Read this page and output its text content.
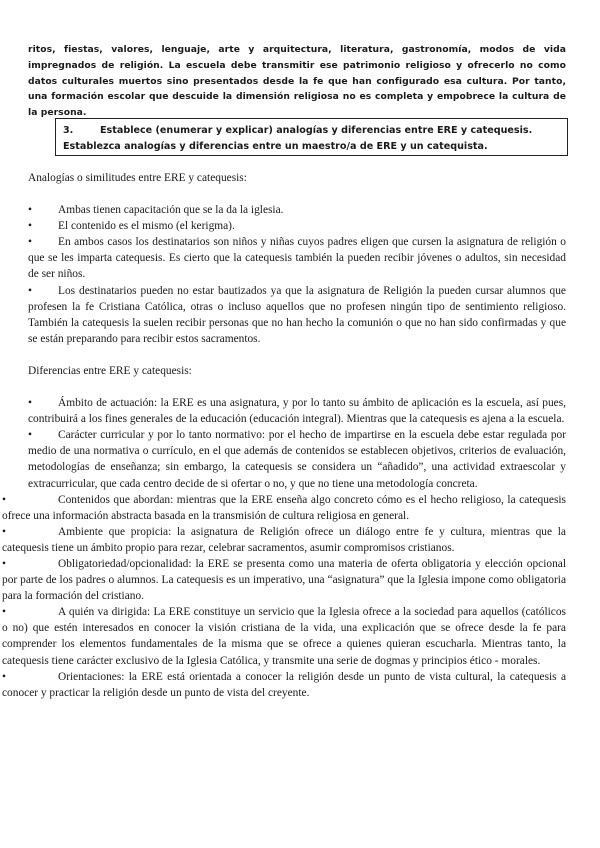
ritos, fiestas, valores, lenguaje, arte y arquitectura, literatura, gastronomía, modos de vida impregnados de religión. La escuela debe transmitir ese patrimonio religioso y ofrecerlo no como datos culturales muertos sino presentados desde la fe que han configurado esa cultura. Por tanto, una formación escolar que descuide la dimensión religiosa no es completa y empobrece la cultura de la persona.

3.	Establece (enumerar y explicar) analogías y diferencias entre ERE y catequesis.
Establezca analogías y diferencias entre un maestro/a de ERE y un catequista.

Analogías o similitudes entre ERE y catequesis:

• Ambas tienen capacitación que se la da la iglesia.

• El contenido es el mismo (el kerigma).

• En ambos casos los destinatarios son niños y niñas cuyos padres eligen que cursen la asignatura de religión o que se les imparta catequesis. Es cierto que la catequesis también la pueden recibir jóvenes o adultos, sin necesidad de ser niños.

• Los destinatarios pueden no estar bautizados ya que la asignatura de Religión la pueden cursar alumnos que profesen la fe Cristiana Católica, otras o incluso aquellos que no profesen ningún tipo de sentimiento religioso. También la catequesis la suelen recibir personas que no han hecho la comunión o que no han sido confirmadas y que se están preparando para recibir estos sacramentos.

Diferencias entre ERE y catequesis:

• Ámbito de actuación: la ERE es una asignatura, y por lo tanto su ámbito de aplicación es la escuela, así pues, contribuirá a los fines generales de la educación (educación integral). Mientras que la catequesis es ajena a la escuela.

• Carácter curricular y por lo tanto normativo: por el hecho de impartirse en la escuela debe estar regulada por medio de una normativa o currículo, en el que además de contenidos se establecen objetivos, criterios de evaluación, metodologías de enseñanza; sin embargo, la catequesis se considera un “añadido”, una actividad extraescolar y extracurricular, que cada centro decide de si ofertar o no, y que no tiene una metodología concreta.

•	Contenidos que abordan: mientras que la ERE enseña algo concreto cómo es el hecho religioso, la catequesis ofrece una información abstracta basada en la transmisión de cultura religiosa en general.

•	Ambiente que propicia: la asignatura de Religión ofrece un diálogo entre fe y cultura, mientras que la catequesis tiene un ámbito propio para rezar, celebrar sacramentos, asumir compromisos cristianos.

•	Obligatoriedad/opcionalidad: la ERE se presenta como una materia de oferta obligatoria y elección opcional por parte de los padres o alumnos. La catequesis es un imperativo, una “asignatura” que la Iglesia impone como obligatoria para la formación del cristiano.

•	A quién va dirigida: La ERE constituye un servicio que la Iglesia ofrece a la sociedad para aquellos (católicos o no) que estén interesados en conocer la visión cristiana de la vida, una explicación que se ofrece desde la fe para comprender los elementos fundamentales de la misma que se ofrece a quienes quieran escucharla. Mientras tanto, la catequesis tiene carácter exclusivo de la Iglesia Católica, y transmite una serie de dogmas y principios ético - morales.

•	Orientaciones: la ERE está orientada a conocer la religión desde un punto de vista cultural, la catequesis a conocer y practicar la religión desde un punto de vista del creyente.
